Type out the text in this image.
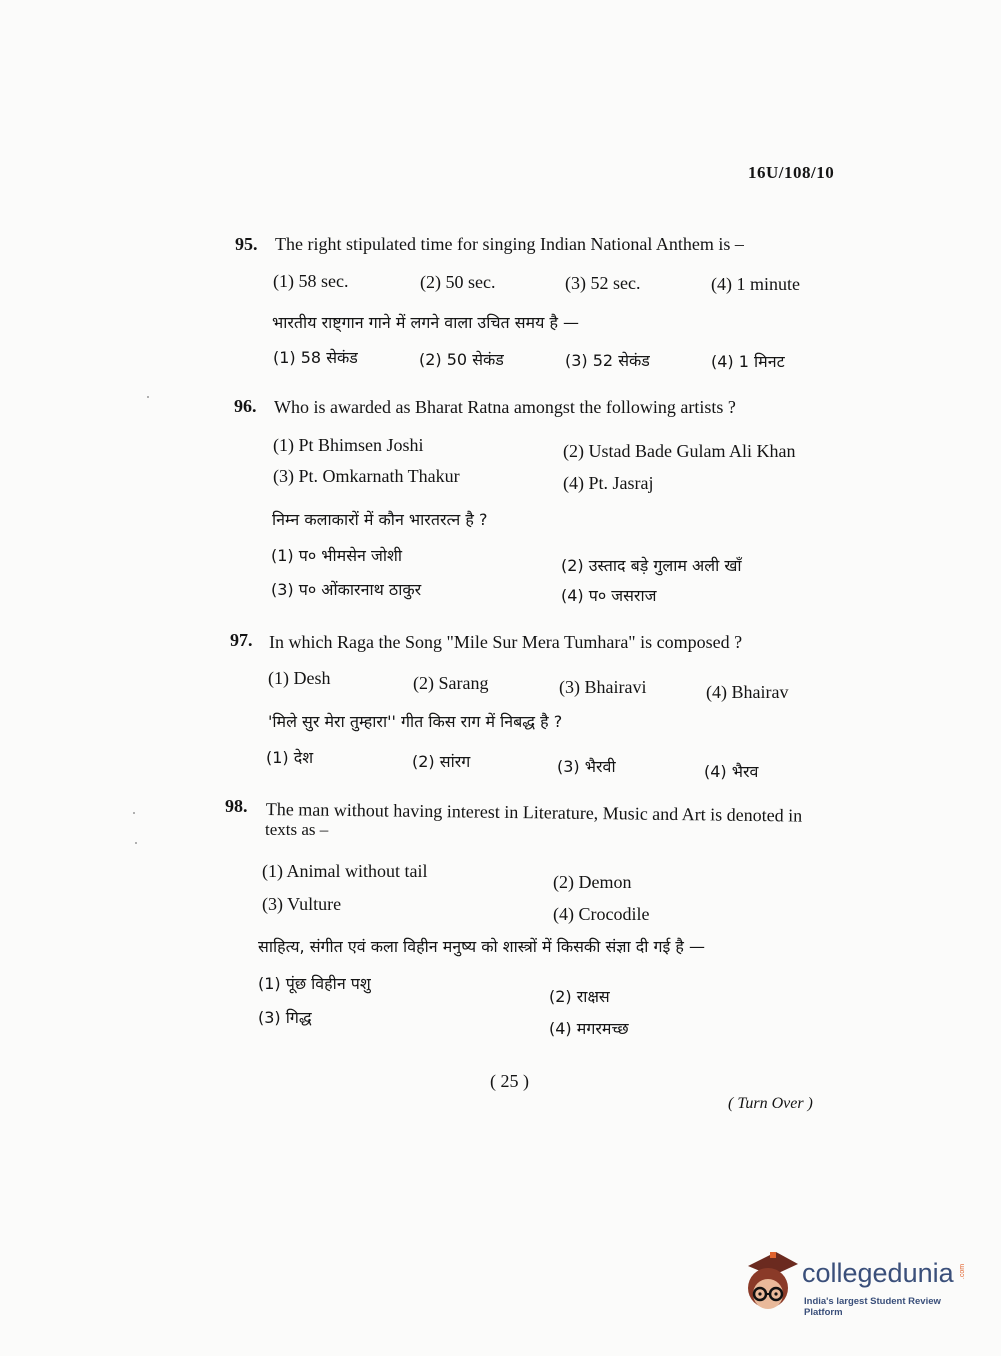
16U/108/10
95. The right stipulated time for singing Indian National Anthem is –
(1) 58 sec.	(2) 50 sec.	(3) 52 sec.	(4) 1 minute
भारतीय राष्ट्गान गाने में लगने वाला उचित समय है —
(1) 58 सेकंड	(2) 50 सेकंड	(3) 52 सेकंड	(4) 1 मिनट
96. Who is awarded as Bharat Ratna amongst the following artists ?
(1) Pt Bhimsen Joshi	(2) Ustad Bade Gulam Ali Khan
(3) Pt. Omkarnath Thakur	(4) Pt. Jasraj
निम्न कलाकारों में कौन भारतरत्न है ?
(1) प० भीमसेन जोशी
(2) उस्ताद बड़े गुलाम अली खाँ
(3) प० ओंकारनाथ ठाकुर	(4) प० जसराज
97. In which Raga the Song "Mile Sur Mera Tumhara" is composed ?
(1) Desh	(2) Sarang	(3) Bhairavi	(4) Bhairav
'मिले सुर मेरा तुम्हारा'' गीत किस राग में निबद्ध है ?
(1) देश	(2) सांरग	(3) भैरवी	(4) भैरव
98. The man without having interest in Literature, Music and Art is denoted in
texts as –
(1) Animal without tail
(2) Demon
(3) Vulture	(4) Crocodile
साहित्य, संगीत एवं कला विहीन मनुष्य को शास्त्रों में किसकी संज्ञा दी गई है —
(1) पूंछ विहीन पशु
(2) राक्षस
(3) गिद्ध
(4) मगरमच्छ
( 25 )
( Turn Over )
collegedunia .com
India's largest Student Review Platform
